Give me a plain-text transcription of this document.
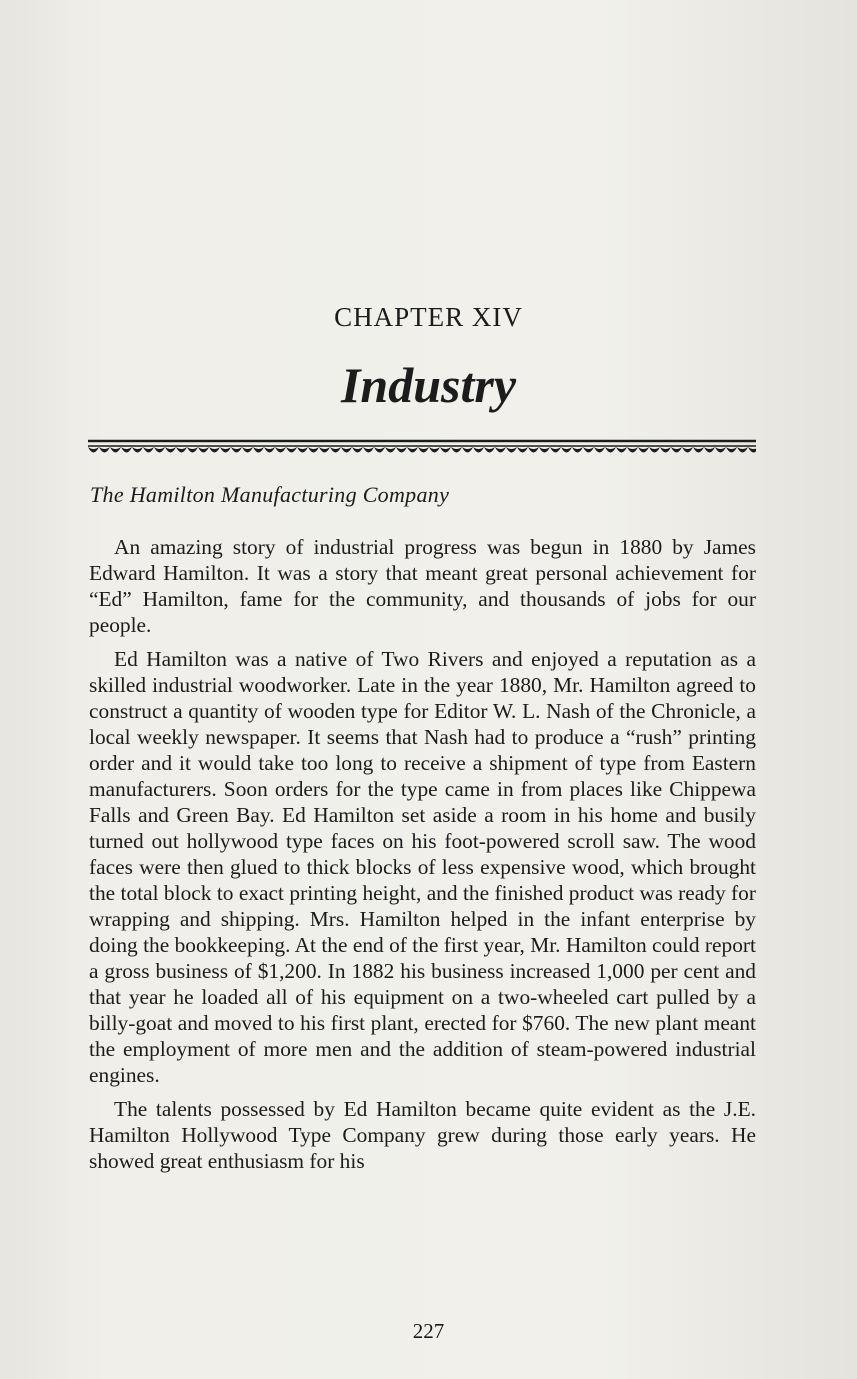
CHAPTER XIV
Industry
The Hamilton Manufacturing Company

An amazing story of industrial progress was begun in 1880 by James Edward Hamilton. It was a story that meant great personal achievement for “Ed” Hamilton, fame for the community, and thousands of jobs for our people.

Ed Hamilton was a native of Two Rivers and enjoyed a reputation as a skilled industrial woodworker. Late in the year 1880, Mr. Hamilton agreed to construct a quantity of wooden type for Editor W. L. Nash of the Chronicle, a local weekly newspaper. It seems that Nash had to produce a “rush” printing order and it would take too long to receive a shipment of type from Eastern manufacturers. Soon orders for the type came in from places like Chippewa Falls and Green Bay. Ed Hamilton set aside a room in his home and busily turned out hollywood type faces on his foot-powered scroll saw. The wood faces were then glued to thick blocks of less expensive wood, which brought the total block to exact printing height, and the finished product was ready for wrapping and shipping. Mrs. Hamilton helped in the infant enterprise by doing the bookkeeping. At the end of the first year, Mr. Hamilton could report a gross business of $1,200. In 1882 his business increased 1,000 per cent and that year he loaded all of his equipment on a two-wheeled cart pulled by a billy-goat and moved to his first plant, erected for $760. The new plant meant the employment of more men and the addition of steam-powered industrial engines.

The talents possessed by Ed Hamilton became quite evident as the J.E. Hamilton Hollywood Type Company grew during those early years. He showed great enthusiasm for his

227
